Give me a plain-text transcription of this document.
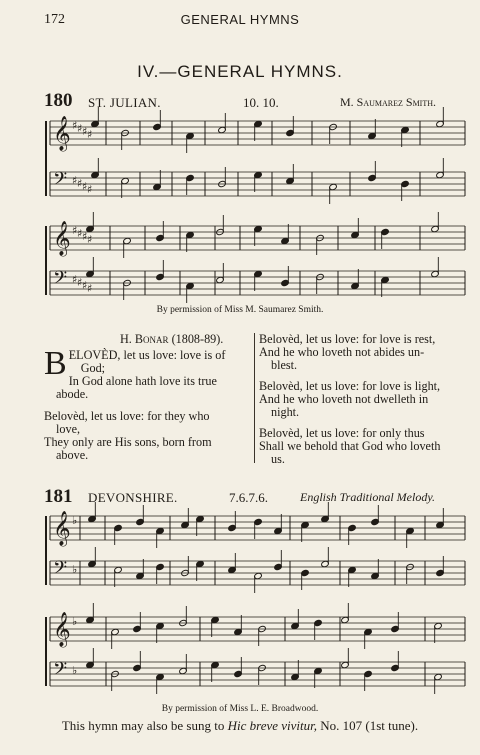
172	GENERAL HYMNS
IV.—GENERAL HYMNS.
180 ST. JULIAN.	10. 10.	M. Saumarez Smith.
𝄞 ♯ ♯ ♯ ♯
𝄢 ♯ ♯ ♯ ♯
𝄞 ♯ ♯ ♯ ♯
𝄢 ♯ ♯ ♯ ♯
𝄞 ♭
𝄢 ♭
𝄞 ♭
𝄢 ♭
By permission of Miss M. Saumarez Smith.
H. Bonar (1808-89).

B ELOVÈD, let us love: love is of
God;
In God alone hath love its true
abode.

Belovèd, let us love: for they who
love,
They only are His sons, born from
above.

Belovèd, let us love: for love is rest,
And he who loveth not abides un-
blest.

Belovèd, let us love: for love is light,
And he who loveth not dwelleth in
night.

Belovèd, let us love: for only thus
Shall we behold that God who loveth
us.

181 DEVONSHIRE.	7.6.7.6.	English Traditional Melody.
By permission of Miss L. E. Broadwood.
This hymn may also be sung to Hic breve vivitur, No. 107 (1st tune).
